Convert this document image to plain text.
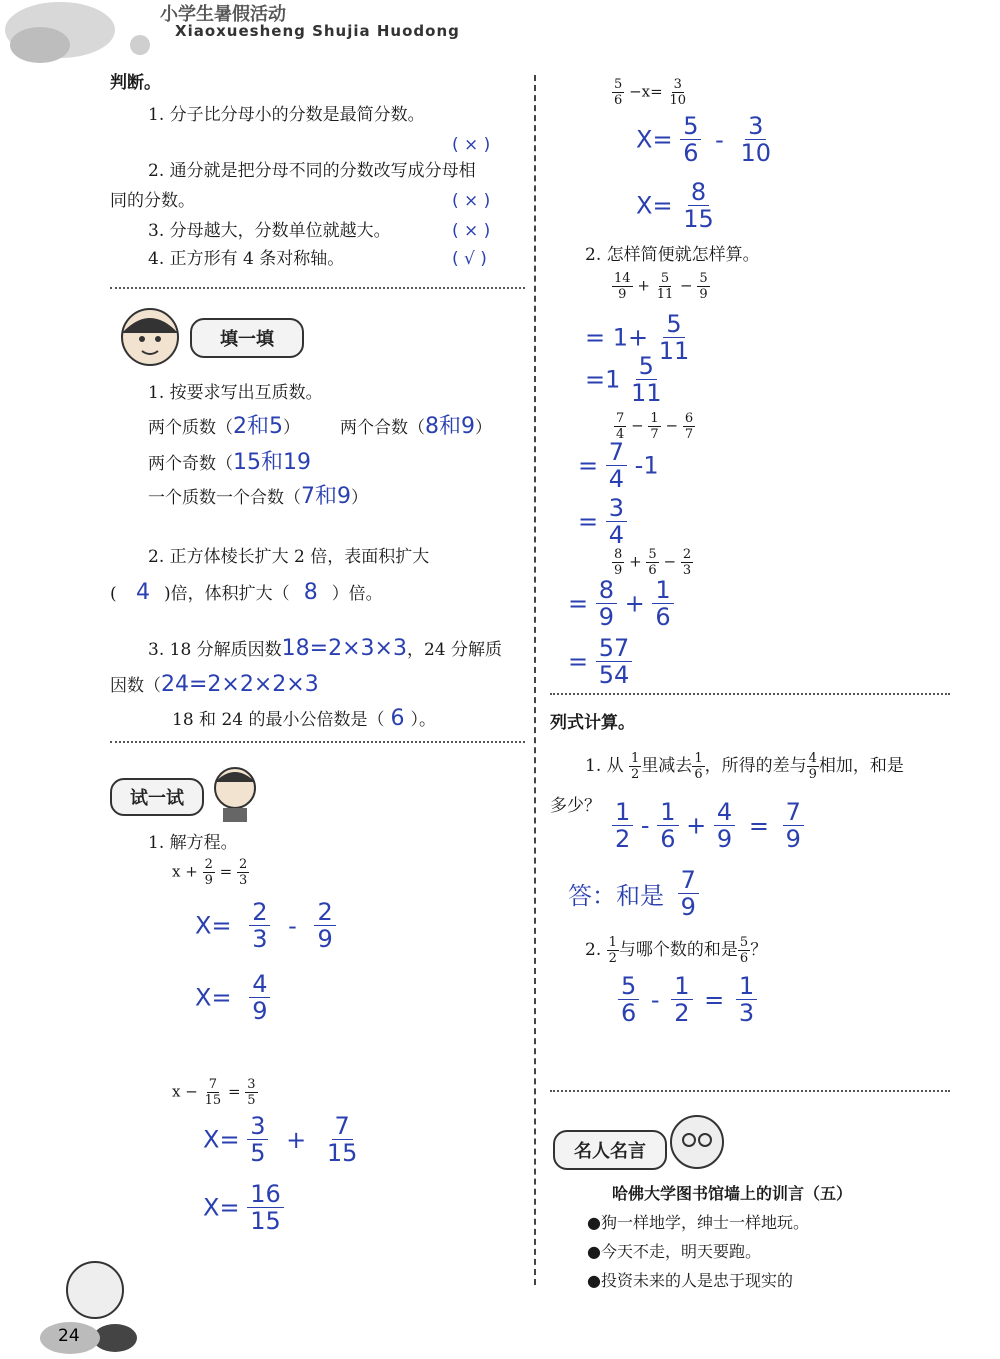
小学生暑假活动
Xiaoxuesheng Shujia Huodong
判断。
1. 分子比分母小的分数是最简分数。
( × )
2. 通分就是把分母不同的分数改写成分母相
同的分数。	( × )
3. 分母越大，分数单位就越大。	( × )
4. 正方形有 4 条对称轴。	( √ )
填一填
1. 按要求写出互质数。
两个质数（2和5） 两个合数（8和9）
两个奇数（15和19
一个质数一个合数（7和9）
2. 正方体棱长扩大 2 倍，表面积扩大
( 4 )倍，体积扩大（ 8 ）倍。
3. 18 分解质因数18=2×3×3，24 分解质
因数（24=2×2×2×3
18 和 24 的最小公倍数是（ 6 ）。
试一试
1. 解方程。
$x + \frac{2}{9} = \frac{2}{3}$
$X= \frac{2}{3} - \frac{2}{9}$
$X= \frac{4}{9}$
$x - \frac{7}{15} = \frac{3}{5}$
$X= \frac{3}{5} + \frac{7}{15}$
$X= \frac{16}{15}$
24
$\frac{5}{6} -x= \frac{3}{10}$
$X= \frac{5}{6} - \frac{3}{10}$
$X= \frac{8}{15}$
2. 怎样简便就怎样算。
$\frac{14}{9} + \frac{5}{11} - \frac{5}{9}$
= $1+ \frac{5}{11}$
$=1 \frac{5}{11}$
$\frac{7}{4} - \frac{1}{7} - \frac{6}{7}$
= $\frac{7}{4} -1$
= $\frac{3}{4}$
$\frac{8}{9} + \frac{5}{6} - \frac{2}{3}$
= $\frac{8}{9} + \frac{1}{6}$
= $\frac{57}{54}$
列式计算。
1. 从 $\frac{1}{2}$ 里减去 $\frac{1}{6}$ ，所得的差与 $\frac{4}{9}$ 相加，和是
多少？ $\frac{1}{2} - \frac{1}{6} + \frac{4}{9} = \frac{7}{9}$
答：和是 $\frac{7}{9}$
2. $\frac{1}{2}$ 与哪个数的和是 $\frac{5}{6}$ ？
$\frac{5}{6} - \frac{1}{2} = \frac{1}{3}$
名人名言
哈佛大学图书馆墙上的训言（五）
●狗一样地学，绅士一样地玩。
●今天不走，明天要跑。
●投资未来的人是忠于现实的
